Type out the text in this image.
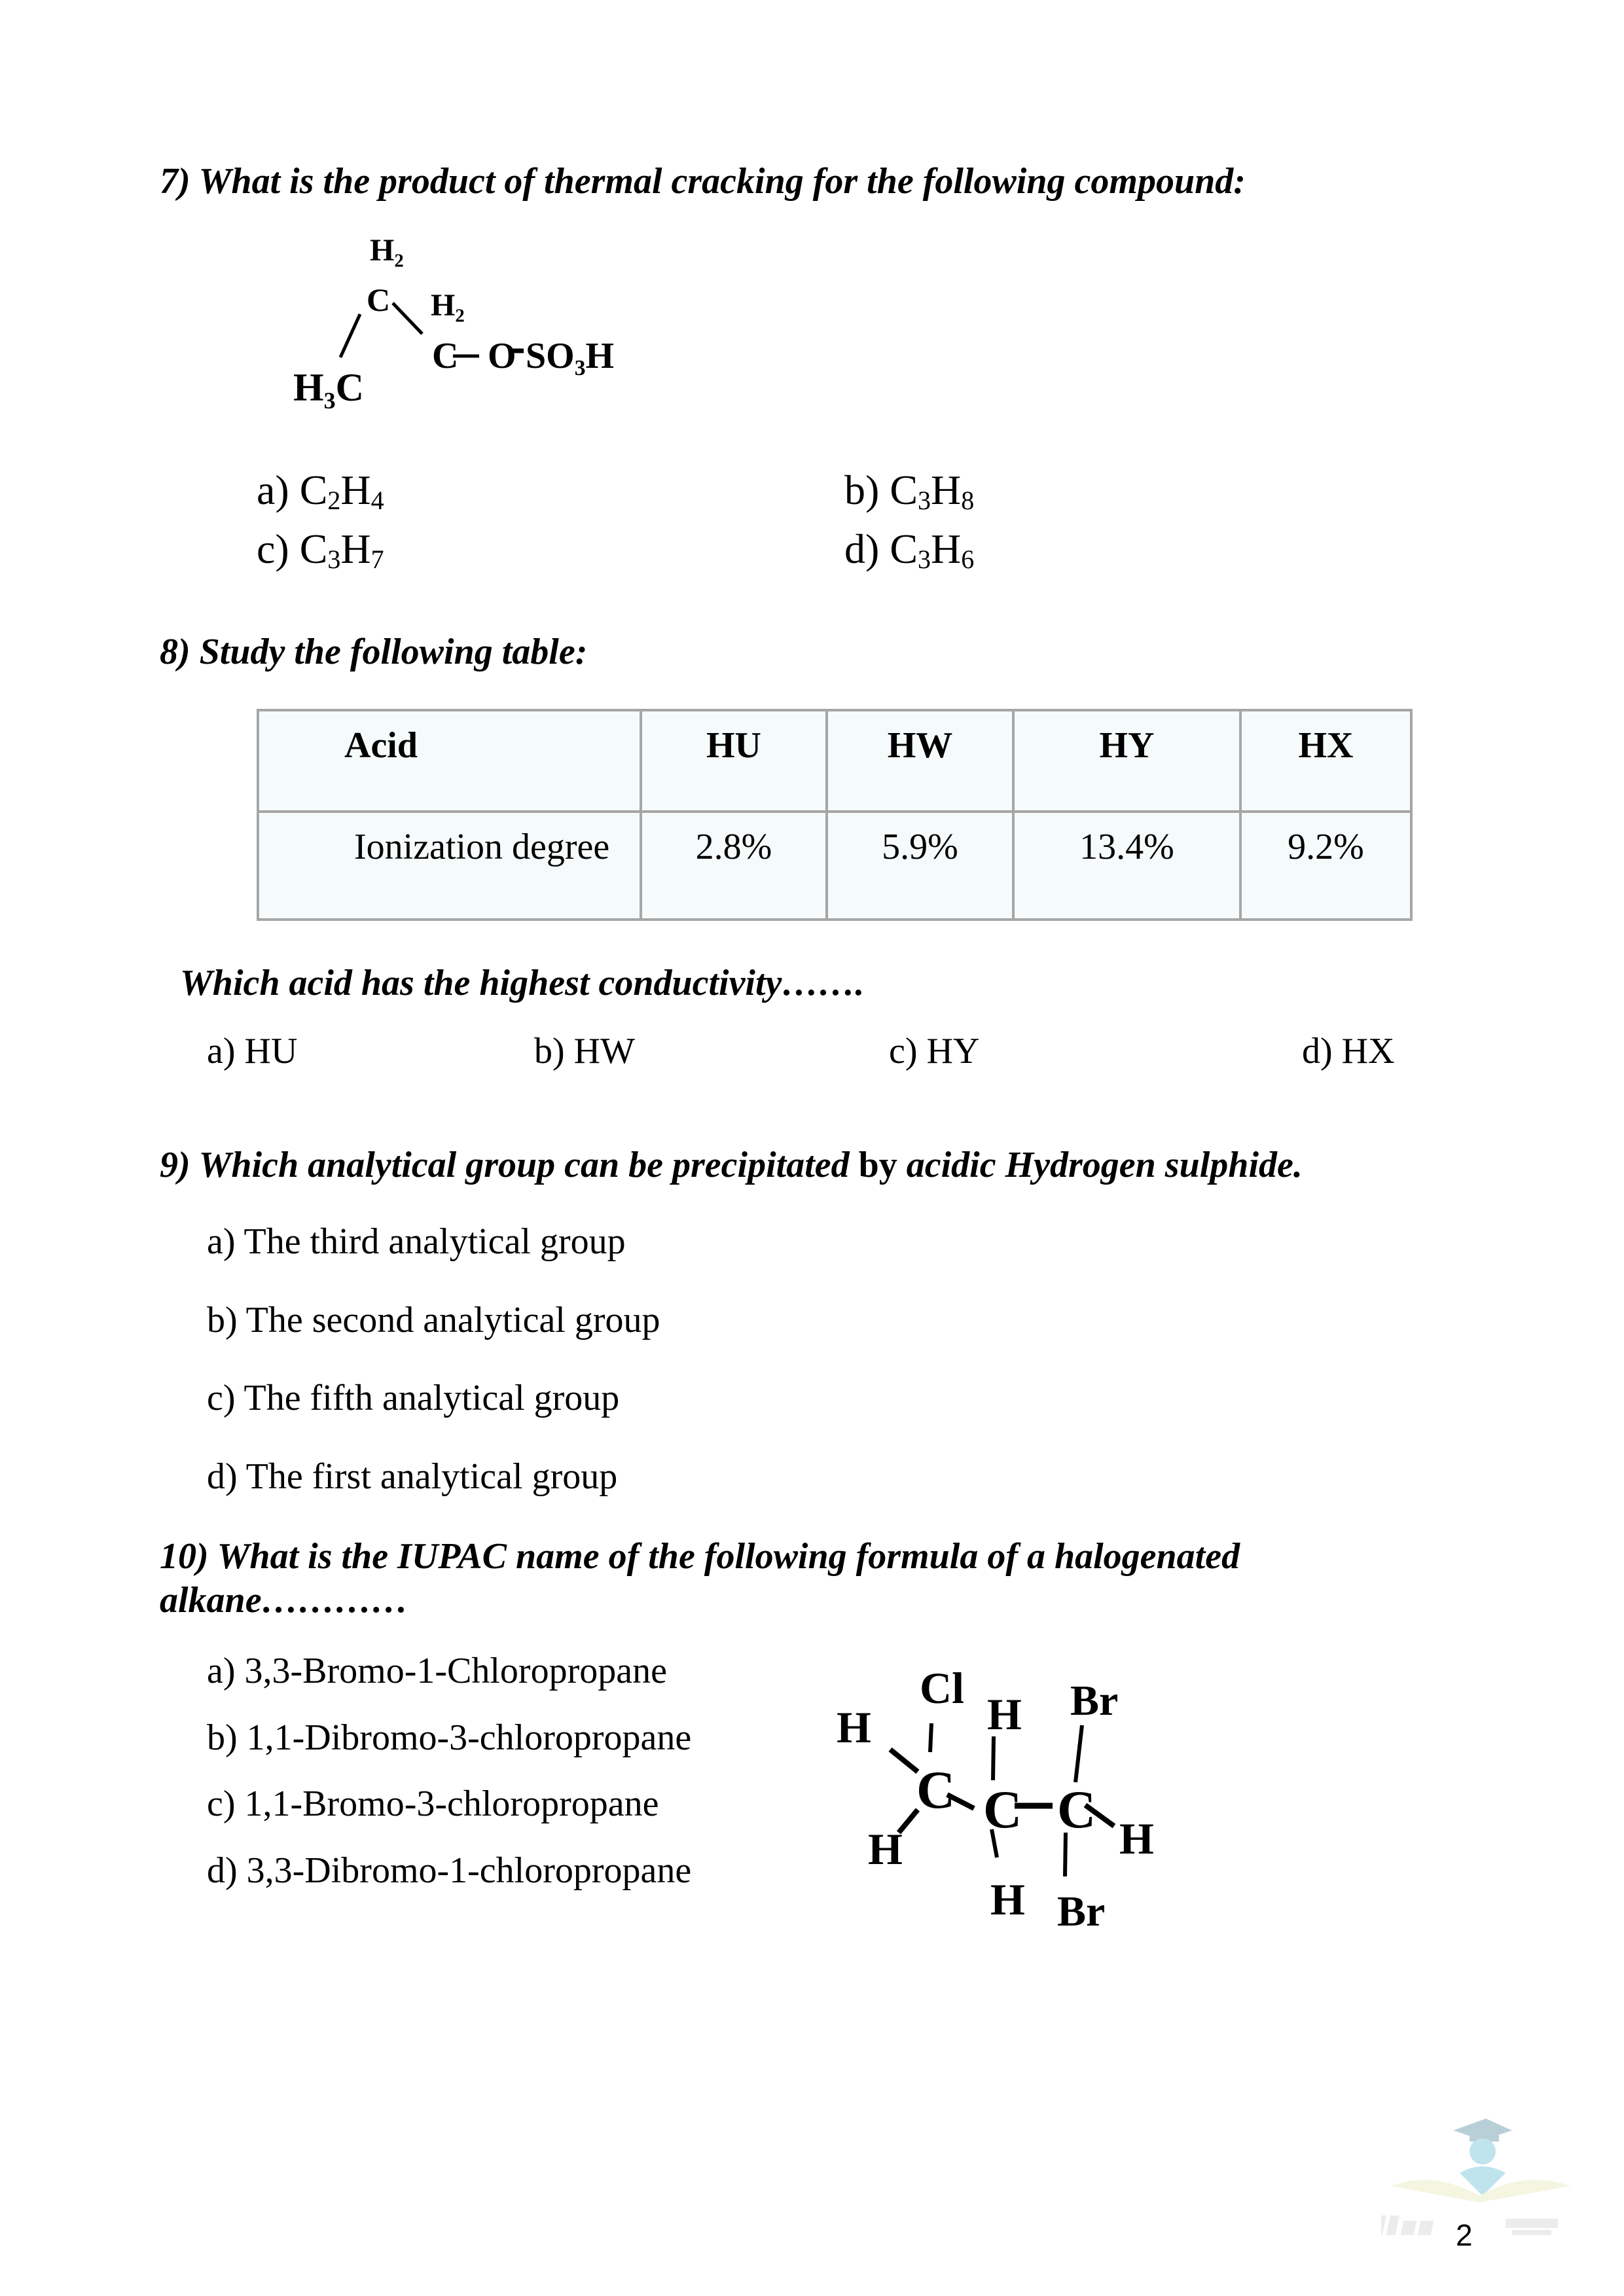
7) What is the product of thermal cracking for the following compound:
$H_3C$
$H_2$
C $H_2$
C O $SO_3H$
a) $C_2H_4$	b) $C_3H_8$
c) $C_3H_7$	d) $C_3H_6$
8) Study the following table:
Acid	HU	HW	HY	HX
Ionization degree	2.8%	5.9%	13.4%	9.2%
Which acid has the highest conductivity…….
a) HU	b) HW	c) HY	d) HX
9) Which analytical group can be precipitated by acidic Hydrogen sulphide.
a) The third analytical group
b) The second analytical group
c) The fifth analytical group
d) The first analytical group
10) What is the IUPAC name of the following formula of a halogenated
alkane…………
a) 3,3-Bromo-1-Chloropropane
b) 1,1-Dibromo-3-chloropropane
c) 1,1-Bromo-3-chloropropane
d) 3,3-Dibromo-1-chloropropane
Cl
H
H
C
H
C
H
Br
C H
Br
2
